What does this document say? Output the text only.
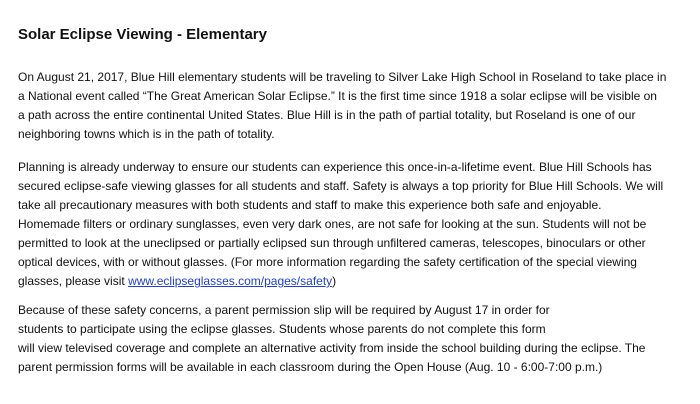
Solar Eclipse Viewing - Elementary

On August 21, 2017, Blue Hill elementary students will be traveling to Silver Lake High School in Roseland to take place in
a National event called “The Great American Solar Eclipse.” It is the first time since 1918 a solar eclipse will be visible on
a path across the entire continental United States. Blue Hill is in the path of partial totality, but Roseland is one of our
neighboring towns which is in the path of totality.

Planning is already underway to ensure our students can experience this once-in-a-lifetime event. Blue Hill Schools has
secured eclipse-safe viewing glasses for all students and staff. Safety is always a top priority for Blue Hill Schools. We will
take all precautionary measures with both students and staff to make this experience both safe and enjoyable.
Homemade filters or ordinary sunglasses, even very dark ones, are not safe for looking at the sun. Students will not be
permitted to look at the uneclipsed or partially eclipsed sun through unfiltered cameras, telescopes, binoculars or other
optical devices, with or without glasses. (For more information regarding the safety certification of the special viewing
glasses, please visit www.eclipseglasses.com/pages/safety)

Because of these safety concerns, a parent permission slip will be required by August 17 in order for
students to participate using the eclipse glasses. Students whose parents do not complete this form
will view televised coverage and complete an alternative activity from inside the school building during the eclipse. The
parent permission forms will be available in each classroom during the Open House (Aug. 10 - 6:00-7:00 p.m.)
